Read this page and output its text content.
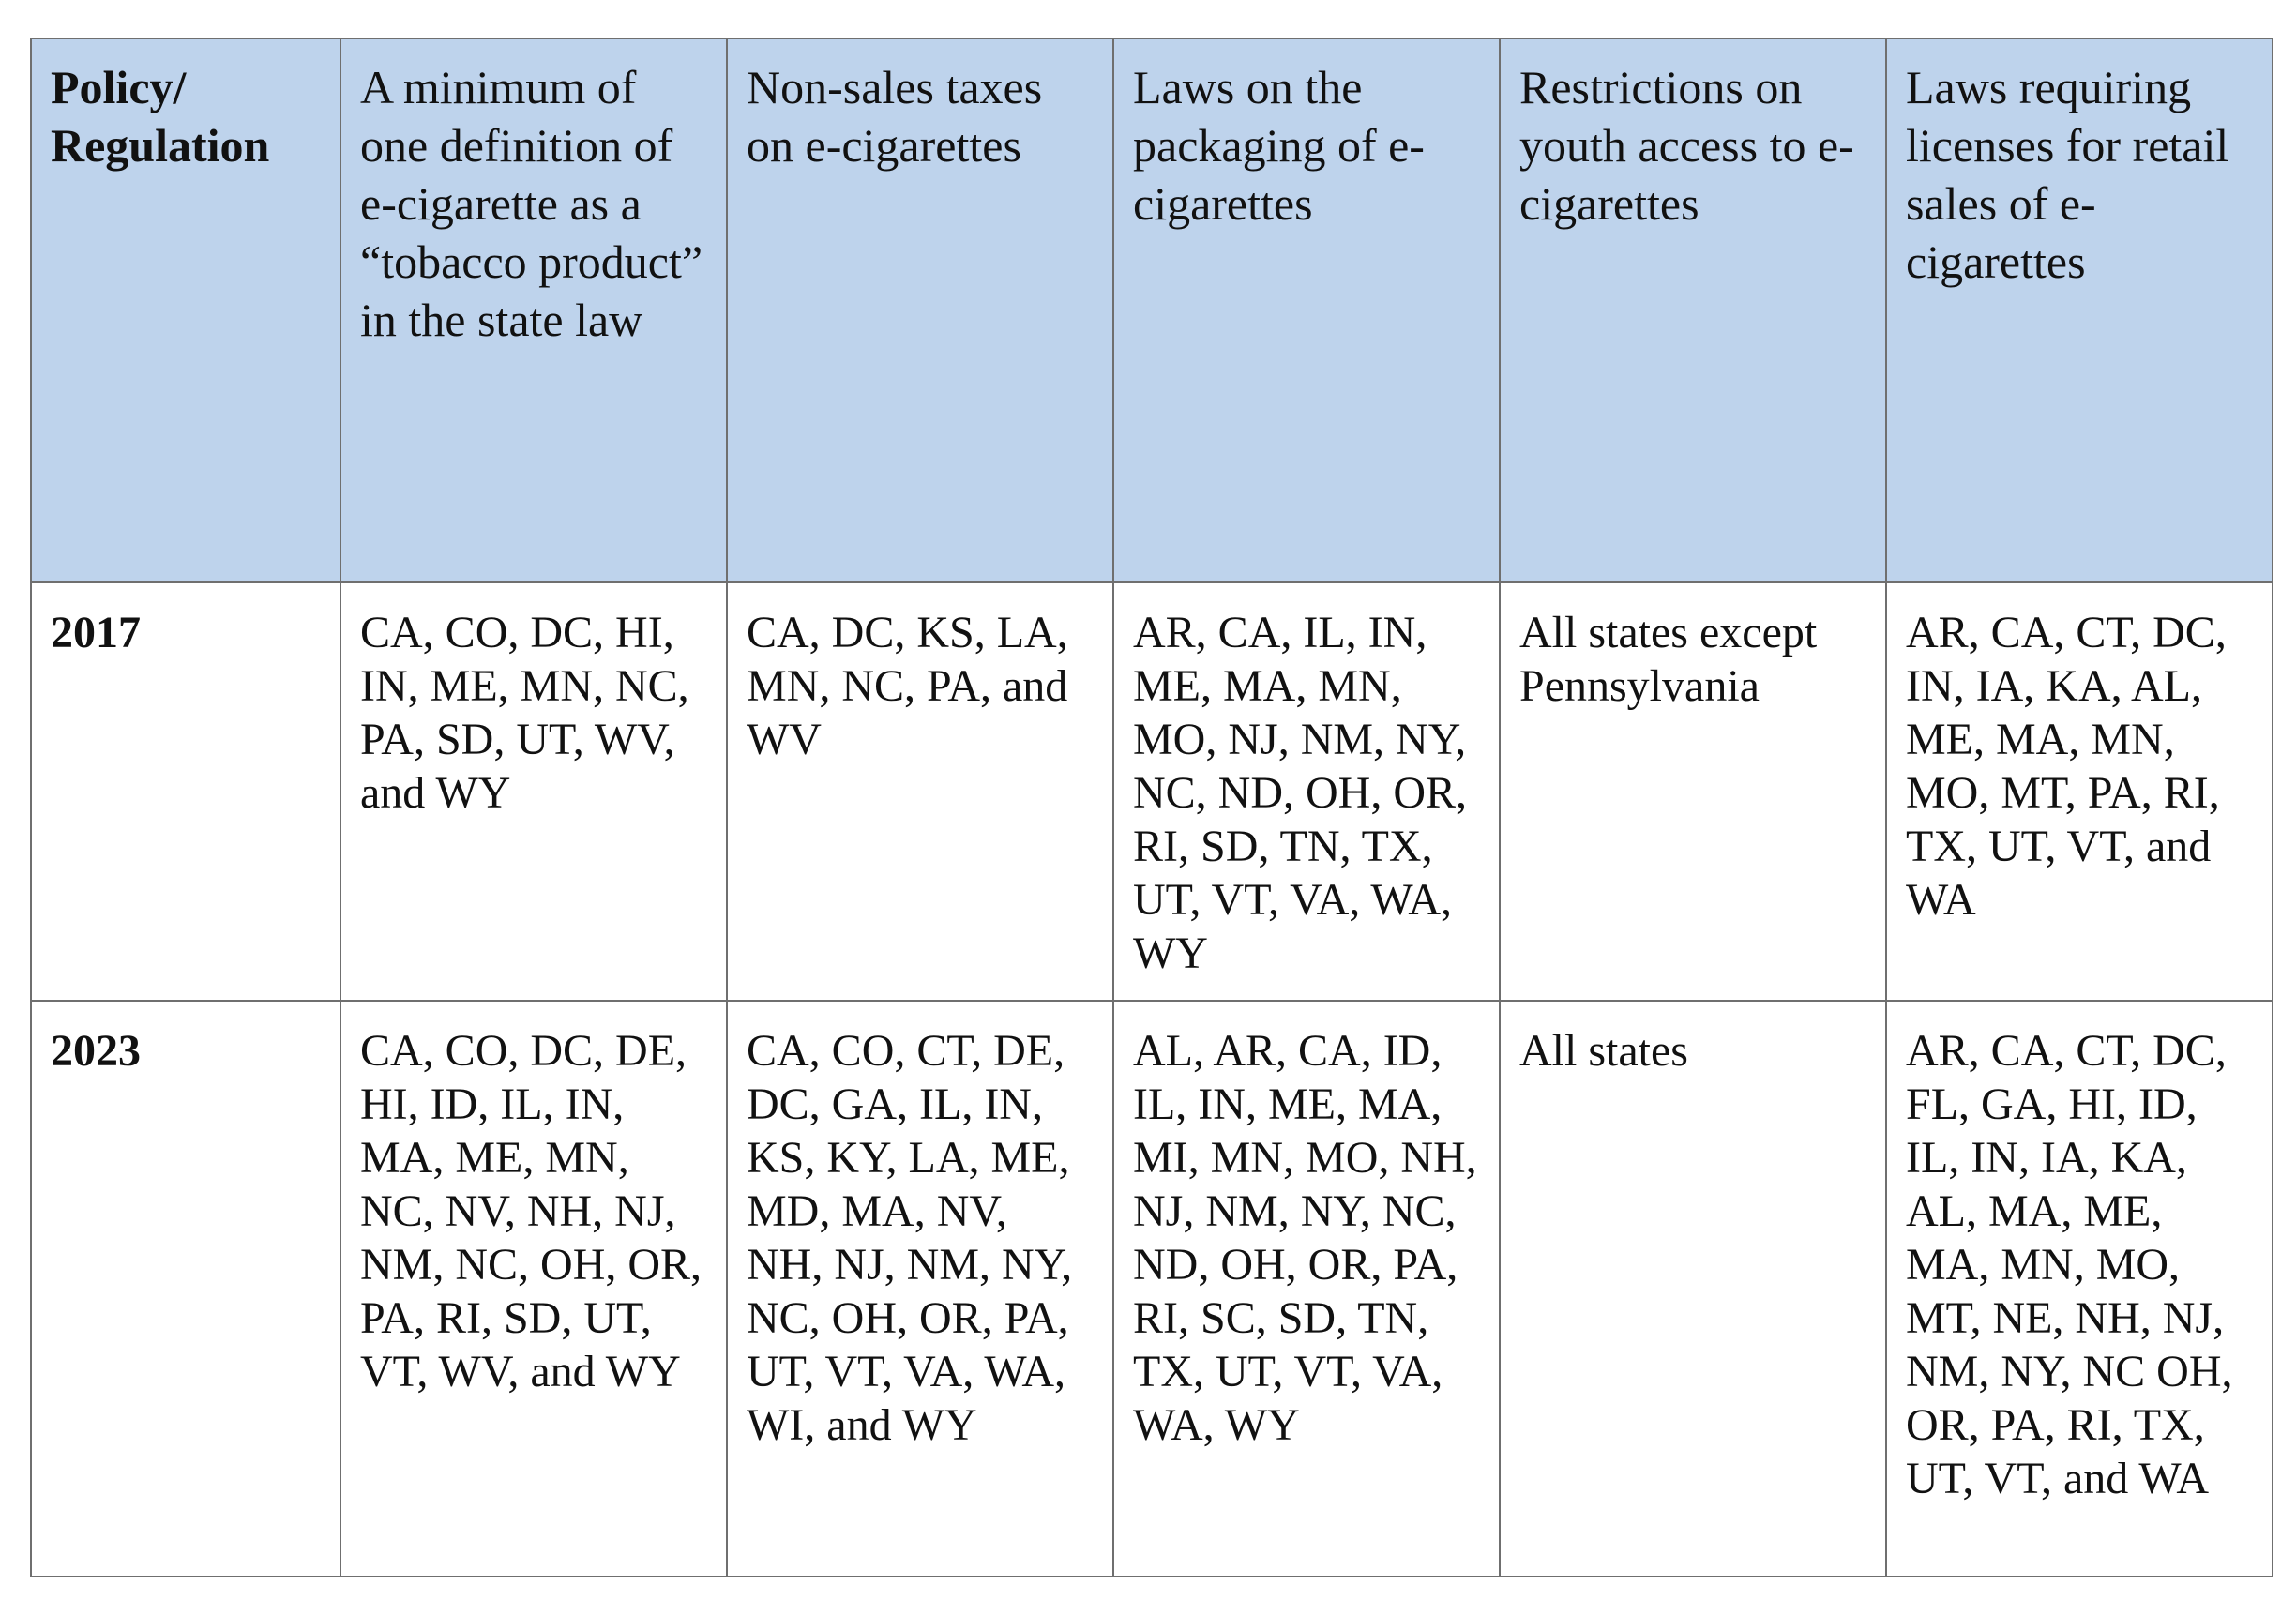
Policy/ Regulation	A minimum of one definition of e-cigarette as a “tobacco product” in the state law	Non-sales taxes on e-cigarettes	Laws on the packaging of e-cigarettes	Restrictions on youth access to e-cigarettes	Laws requiring licenses for retail sales of e-cigarettes
2017	CA, CO, DC, HI, IN, ME, MN, NC, PA, SD, UT, WV, and WY	CA, DC, KS, LA, MN, NC, PA, and WV	AR, CA, IL, IN, ME, MA, MN, MO, NJ, NM, NY, NC, ND, OH, OR, RI, SD, TN, TX, UT, VT, VA, WA, WY	All states except Pennsylvania	AR, CA, CT, DC, IN, IA, KA, AL, ME, MA, MN, MO, MT, PA, RI, TX, UT, VT, and WA
2023	CA, CO, DC, DE, HI, ID, IL, IN, MA, ME, MN, NC, NV, NH, NJ, NM, NC, OH, OR, PA, RI, SD, UT, VT, WV, and WY	CA, CO, CT, DE, DC, GA, IL, IN, KS, KY, LA, ME, MD, MA, NV, NH, NJ, NM, NY, NC, OH, OR, PA, UT, VT, VA, WA, WI, and WY	AL, AR, CA, ID, IL, IN, ME, MA, MI, MN, MO, NH, NJ, NM, NY, NC, ND, OH, OR, PA, RI, SC, SD, TN, TX, UT, VT, VA, WA, WY	All states	AR, CA, CT, DC, FL, GA, HI, ID, IL, IN, IA, KA, AL, MA, ME, MA, MN, MO, MT, NE, NH, NJ, NM, NY, NC OH, OR, PA, RI, TX, UT, VT, and WA
